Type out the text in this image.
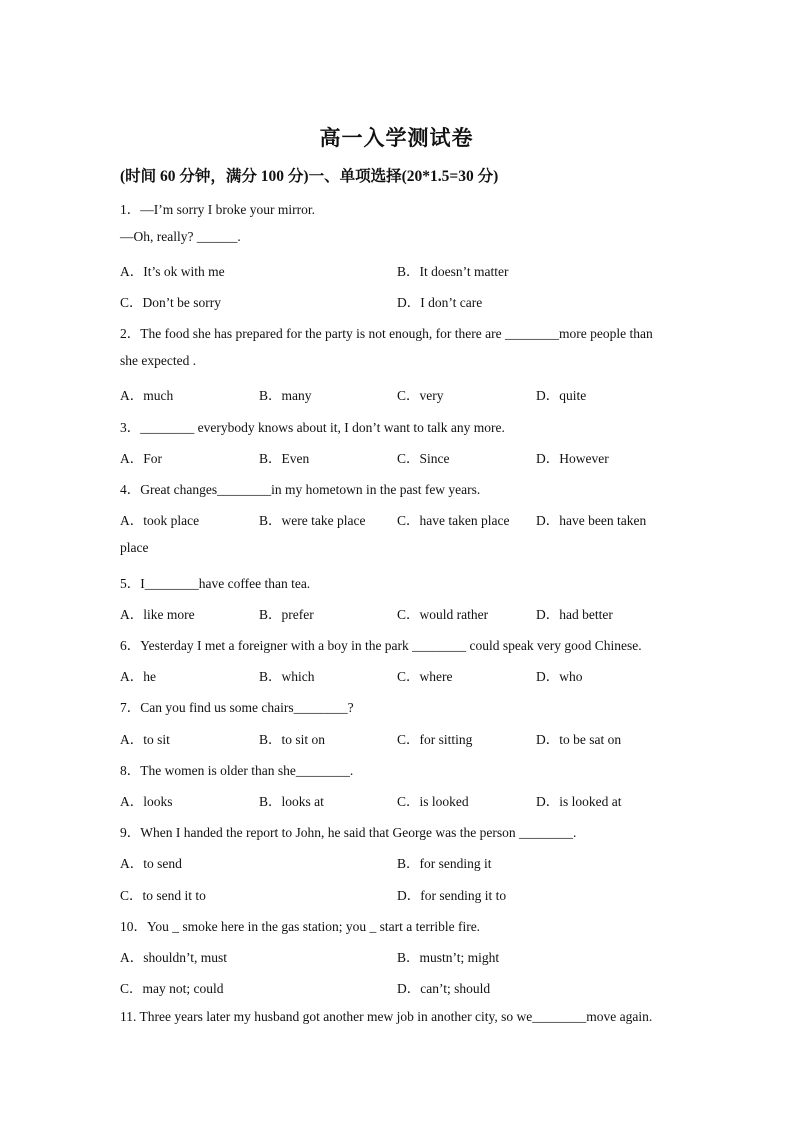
高一入学测试卷
(时间 60 分钟，满分 100 分)一、单项选择(20*1.5=30 分)
1．—I’m sorry I broke your mirror.
—Oh, really? ______.
A．It’s ok with me	B．It doesn’t matter
C．Don’t be sorry	D．I don’t care
2．The food she has prepared for the party is not enough, for there are ________more people than
she expected .
A．much	B．many	C．very	D．quite
3．________ everybody knows about it, I don’t want to talk any more.
A．For	B．Even	C．Since	D．However
4．Great changes________in my hometown in the past few years.
A．took place	B．were take place C．have taken place D．have been taken
place
5．I________have coffee than tea.
A．like more	B．prefer	C．would rather	D．had better
6．Yesterday I met a foreigner with a boy in the park ________ could speak very good Chinese.
A．he	B．which	C．where	D．who
7．Can you find us some chairs________?
A．to sit	B．to sit on	C．for sitting	D．to be sat on
8．The women is older than she________.
A．looks	B．looks at	C．is looked	D．is looked at
9．When I handed the report to John, he said that George was the person ________.
A．to send	B．for sending it
C．to send it to	D．for sending it to
10．You _ smoke here in the gas station; you _ start a terrible fire.
A．shouldn’t, must	B．mustn’t; might
C．may not; could	D．can’t; should
11. Three years later my husband got another mew job in another city, so we________move again.
